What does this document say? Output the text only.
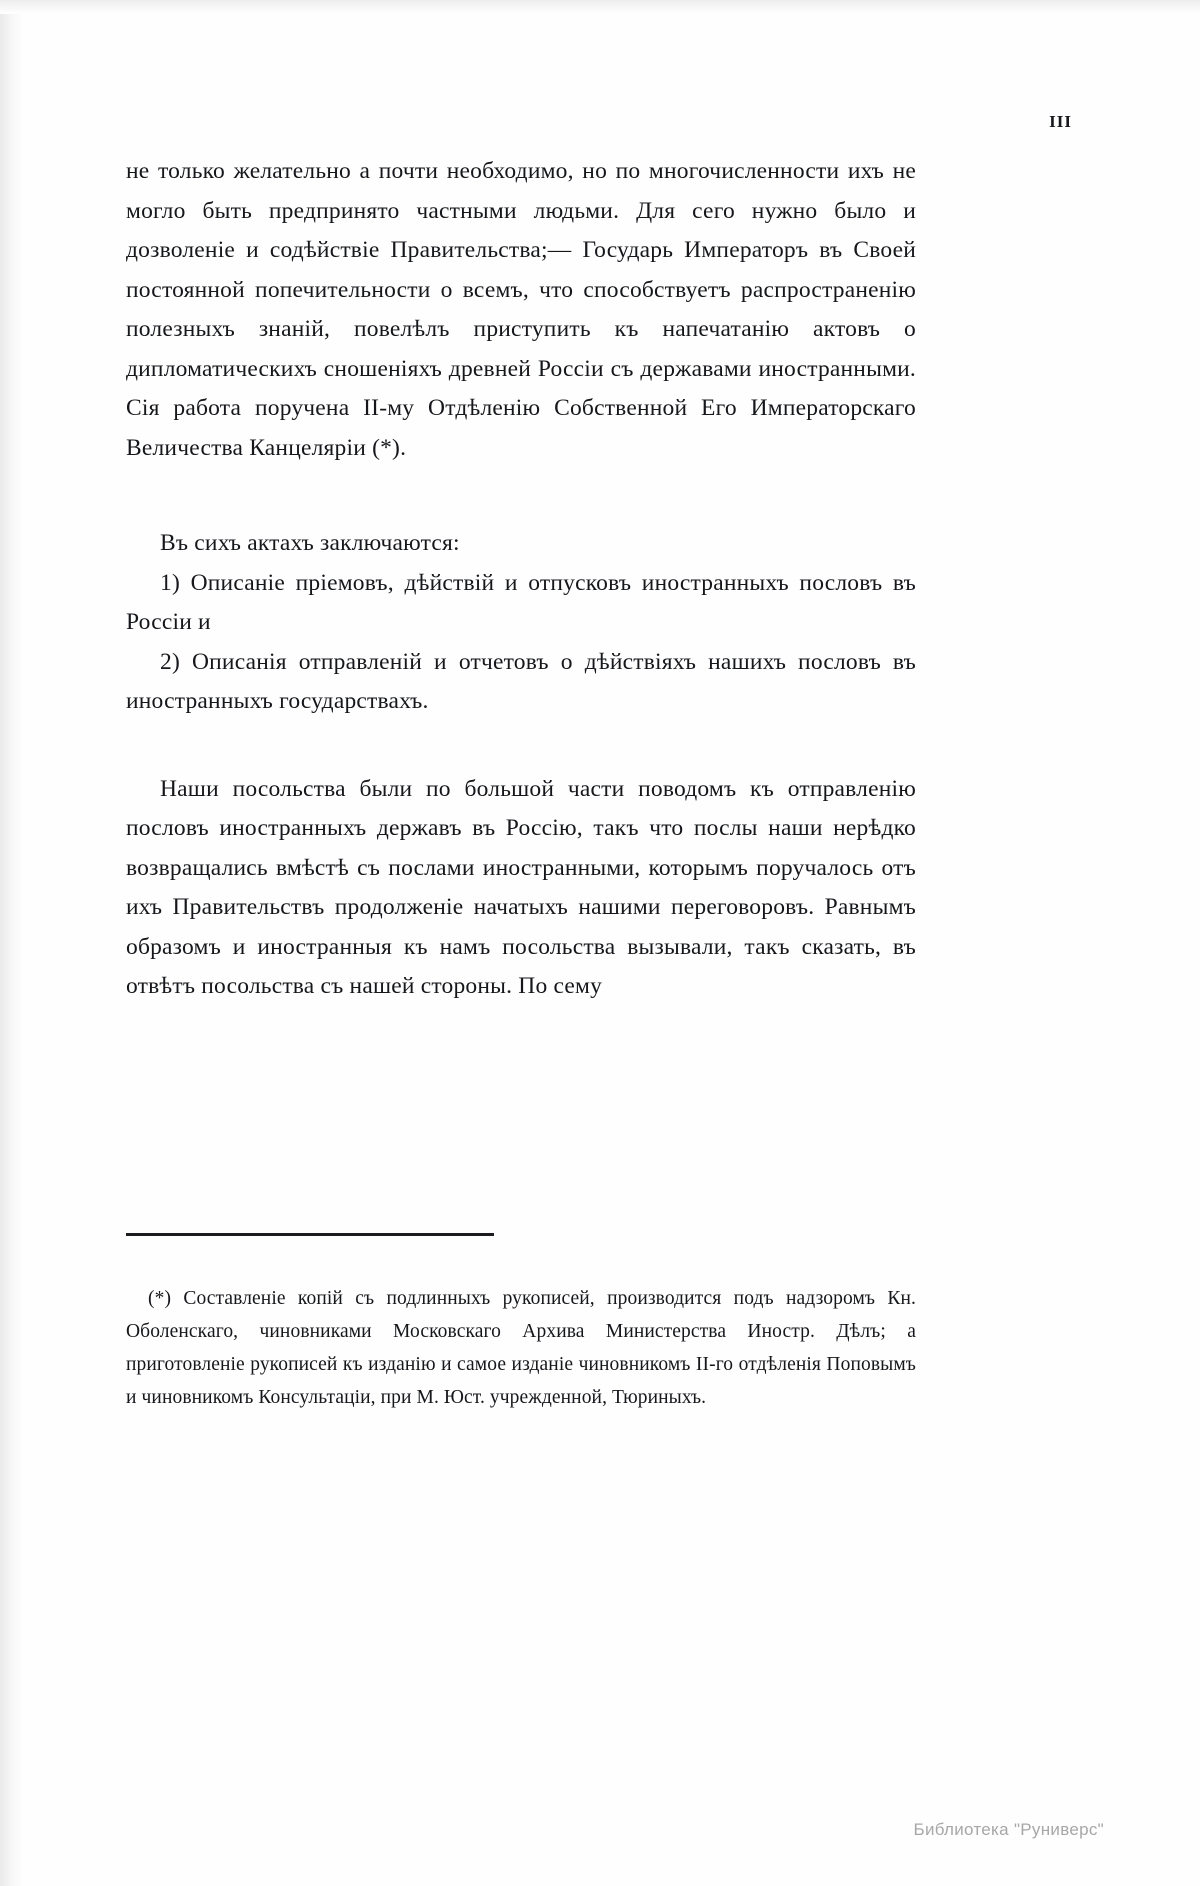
III

не только желательно а почти необходимо, но по многочисленности ихъ не могло быть предпринято частными людьми. Для сего нужно было и дозволеніе и содѣйствіе Правительства;— Государь Императоръ въ Своей постоянной попечительности о всемъ, что способствуетъ распространенію полезныхъ знаній, повелѣлъ приступить къ напечатанію актовъ о дипломатическихъ сношеніяхъ древней Россіи съ державами иностранными. Сія работа поручена II-му Отдѣленію Собственной Его Императорскаго Величества Канцеляріи (*).

Въ сихъ актахъ заключаются:

1) Описаніе пріемовъ, дѣйствій и отпусковъ иностранныхъ пословъ въ Россіи и

2) Описанія отправленій и отчетовъ о дѣйствіяхъ нашихъ пословъ въ иностранныхъ государствахъ.

Наши посольства были по большой части поводомъ къ отправленію пословъ иностранныхъ державъ въ Россію, такъ что послы наши нерѣдко возвращались вмѣстѣ съ послами иностранными, которымъ поручалось отъ ихъ Правительствъ продолженіе начатыхъ нашими переговоровъ. Равнымъ образомъ и иностранныя къ намъ посольства вызывали, такъ сказать, въ отвѣтъ посольства съ нашей стороны. По сему

(*) Составленіе копій съ подлинныхъ рукописей, производится подъ надзоромъ Кн. Оболенскаго, чиновниками Московскаго Архива Министерства Иностр. Дѣлъ; а приготовленіе рукописей къ изданію и самое изданіе чиновникомъ II-го отдѣленія Поповымъ и чиновникомъ Консультаціи, при М. Юст. учрежденной, Тюриныхъ.

Библиотека "Руниверс"
